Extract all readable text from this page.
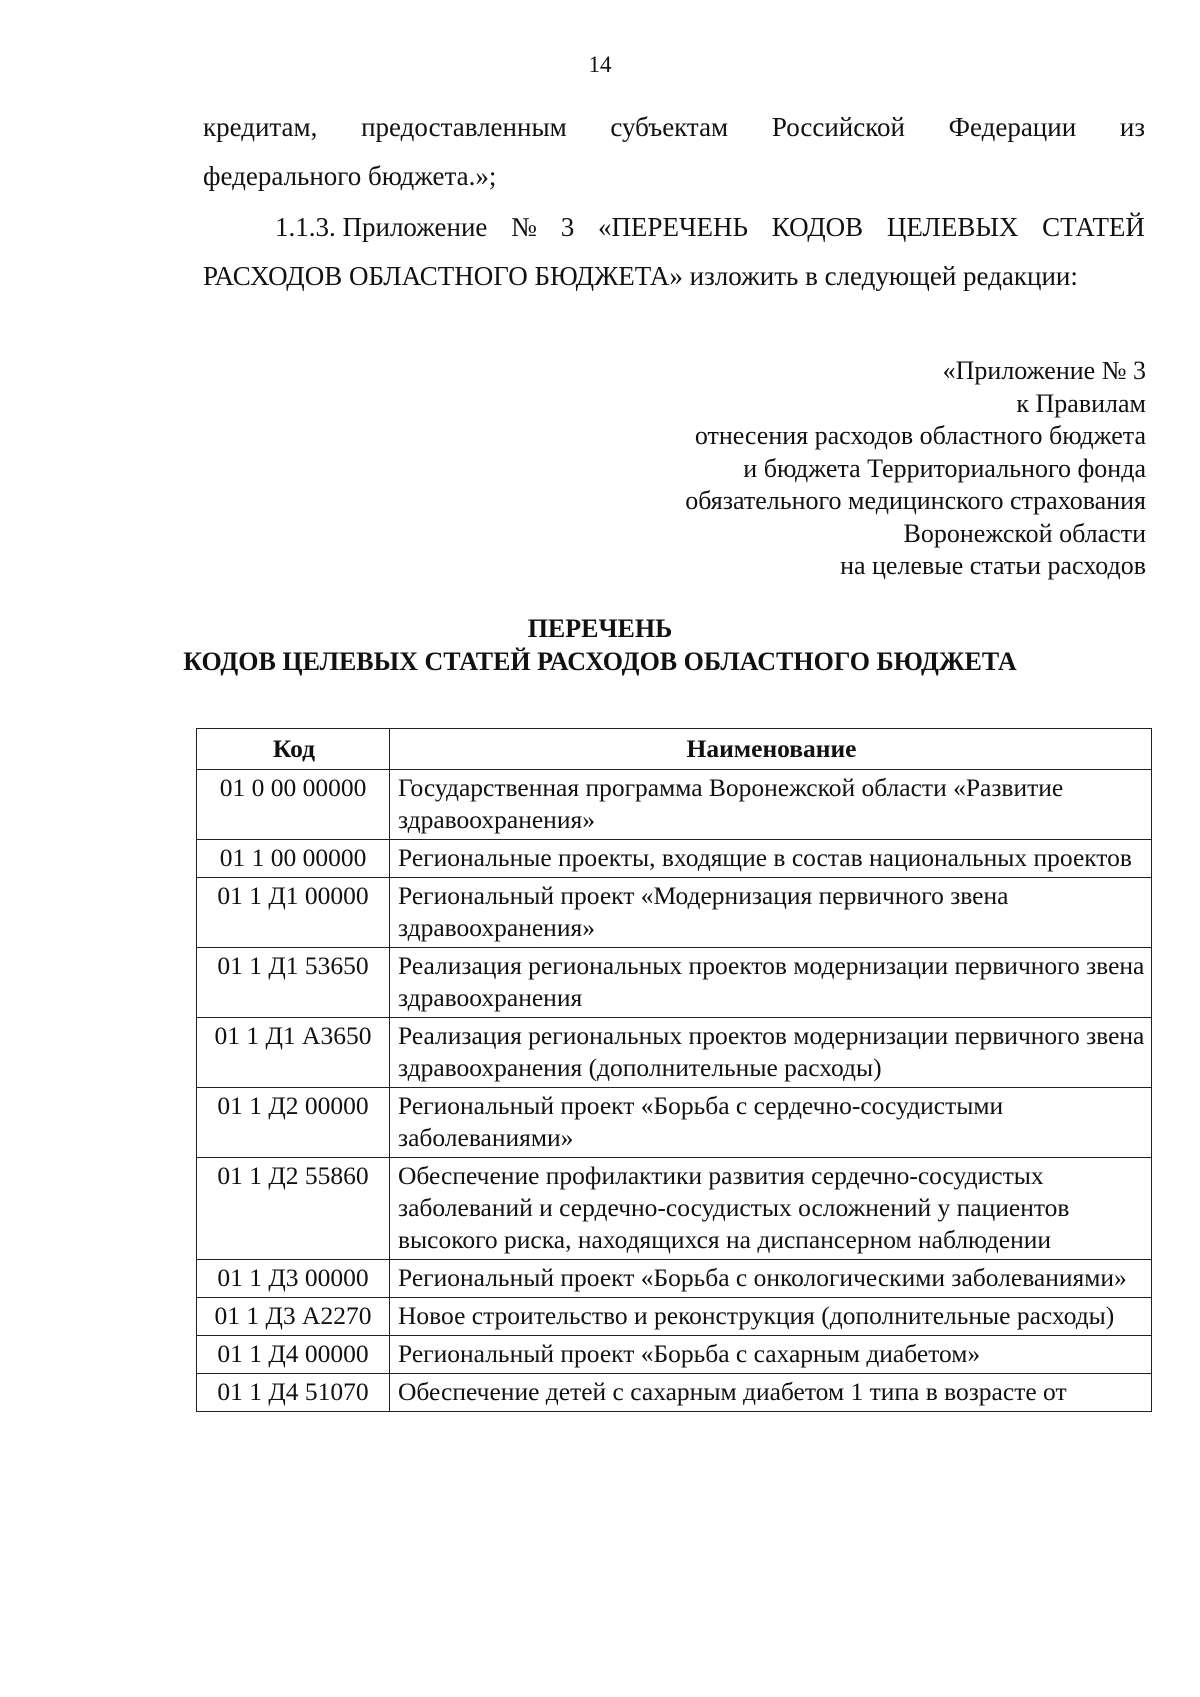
14
кредитам, предоставленным субъектам Российской Федерации из
федерального бюджета.»;
1.1.3. Приложение № 3 «ПЕРЕЧЕНЬ КОДОВ ЦЕЛЕВЫХ СТАТЕЙ
РАСХОДОВ ОБЛАСТНОГО БЮДЖЕТА» изложить в следующей редакции:
«Приложение № 3
к Правилам
отнесения расходов областного бюджета
и бюджета Территориального фонда
обязательного медицинского страхования
Воронежской области
на целевые статьи расходов
ПЕРЕЧЕНЬ
КОДОВ ЦЕЛЕВЫХ СТАТЕЙ РАСХОДОВ ОБЛАСТНОГО БЮДЖЕТА
Код	Наименование
01 0 00 00000	Государственная программа Воронежской области «Развитие здравоохранения»
01 1 00 00000	Региональные проекты, входящие в состав национальных проектов
01 1 Д1 00000	Региональный проект «Модернизация первичного звена здравоохранения»
01 1 Д1 53650	Реализация региональных проектов модернизации первичного звена здравоохранения
01 1 Д1 А3650	Реализация региональных проектов модернизации первичного звена здравоохранения (дополнительные расходы)
01 1 Д2 00000	Региональный проект «Борьба с сердечно-сосудистыми заболеваниями»
01 1 Д2 55860	Обеспечение профилактики развития сердечно-сосудистых заболеваний и сердечно-сосудистых осложнений у пациентов высокого риска, находящихся на диспансерном наблюдении
01 1 Д3 00000	Региональный проект «Борьба с онкологическими заболеваниями»
01 1 Д3 А2270	Новое строительство и реконструкция (дополнительные расходы)
01 1 Д4 00000	Региональный проект «Борьба с сахарным диабетом»
01 1 Д4 51070	Обеспечение детей с сахарным диабетом 1 типа в возрасте от
